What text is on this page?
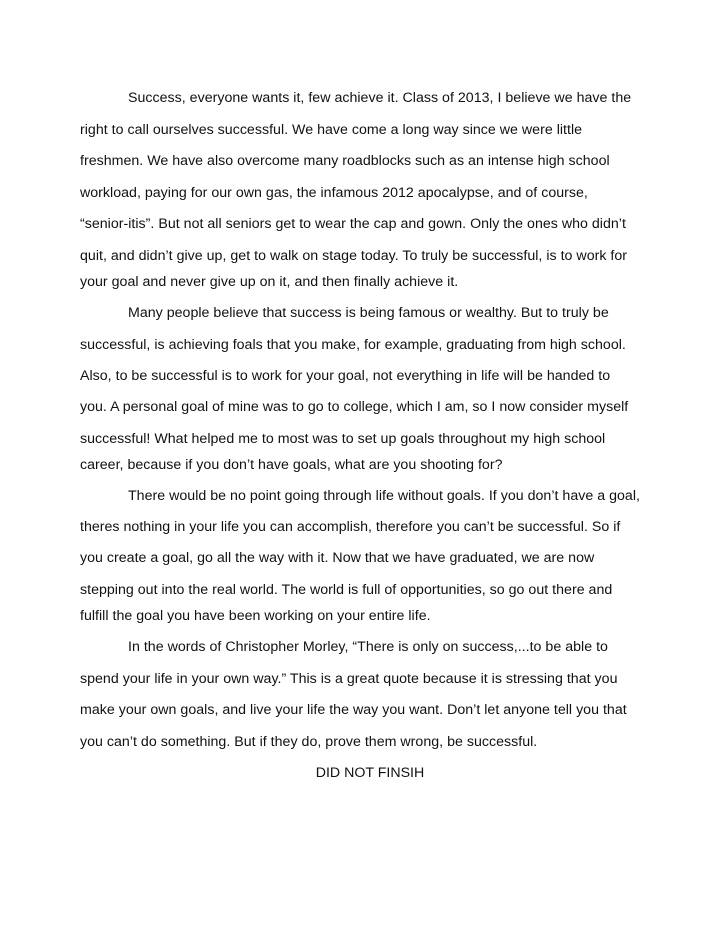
Success, everyone wants it, few achieve it. Class of 2013, I believe we have the
right to call ourselves successful. We have come a long way since we were little
freshmen. We have also overcome many roadblocks such as an intense high school
workload, paying for our own gas, the infamous 2012 apocalypse, and of course,
“senior-itis”. But not all seniors get to wear the cap and gown. Only the ones who didn’t
quit, and didn’t give up, get to walk on stage today. To truly be successful, is to work for
your goal and never give up on it, and then finally achieve it.
Many people believe that success is being famous or wealthy. But to truly be
successful, is achieving foals that you make, for example, graduating from high school.
Also, to be successful is to work for your goal, not everything in life will be handed to
you. A personal goal of mine was to go to college, which I am, so I now consider myself
successful! What helped me to most was to set up goals throughout my high school
career, because if you don’t have goals, what are you shooting for?
There would be no point going through life without goals. If you don’t have a goal,
theres nothing in your life you can accomplish, therefore you can’t be successful. So if
you create a goal, go all the way with it. Now that we have graduated, we are now
stepping out into the real world. The world is full of opportunities, so go out there and
fulfill the goal you have been working on your entire life.
In the words of Christopher Morley, “There is only on success,...to be able to
spend your life in your own way.” This is a great quote because it is stressing that you
make your own goals, and live your life the way you want. Don’t let anyone tell you that
you can’t do something. But if they do, prove them wrong, be successful.
DID NOT FINSIH
